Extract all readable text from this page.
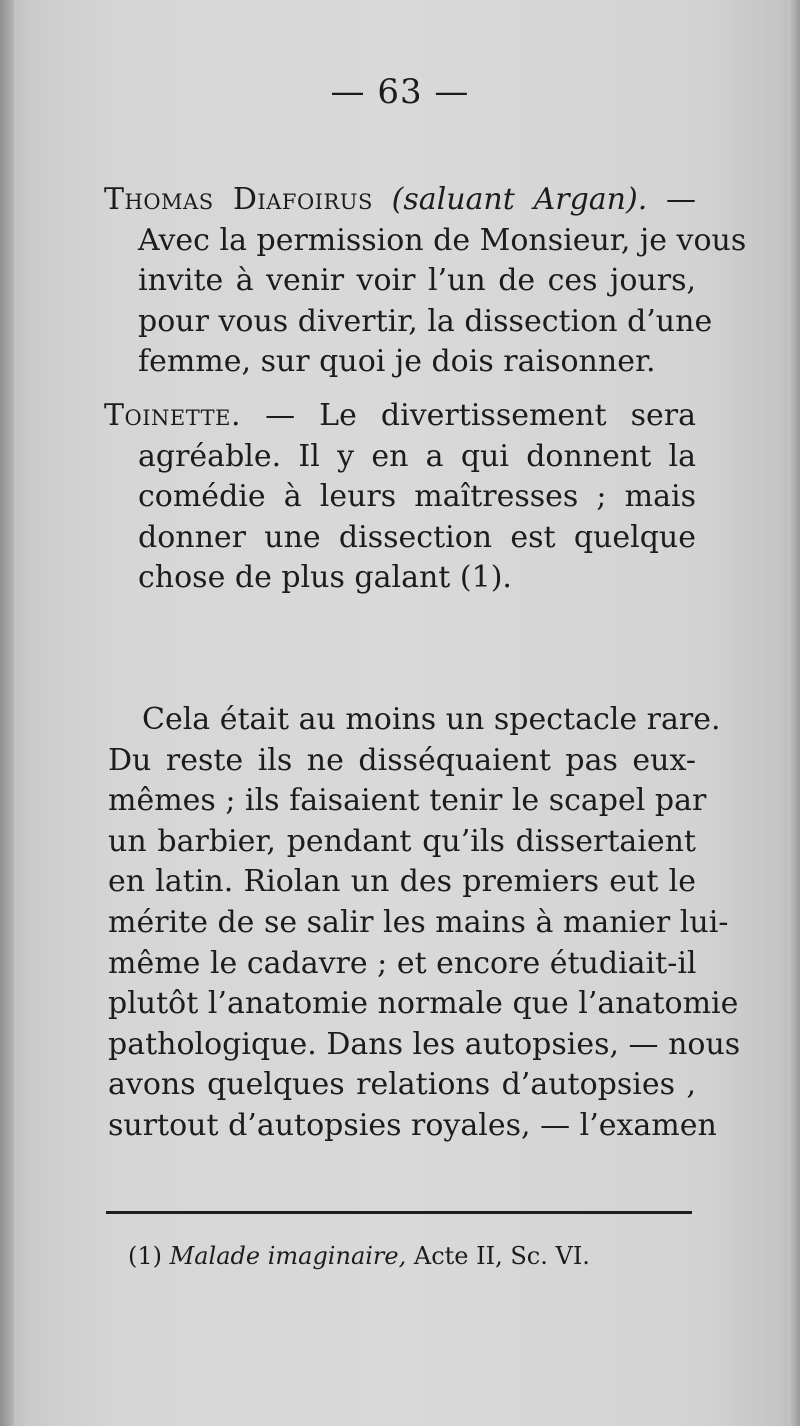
— 63 —
Thomas Diafoirus (saluant Argan). —
Avec la permission de Monsieur, je vous
invite à venir voir l’un de ces jours,
pour vous divertir, la dissection d’une
femme, sur quoi je dois raisonner.
Toinette. — Le divertissement sera
agréable. Il y en a qui donnent la
comédie à leurs maîtresses ; mais
donner une dissection est quelque
chose de plus galant (1).
Cela était au moins un spectacle rare.
Du reste ils ne disséquaient pas eux-
mêmes ; ils faisaient tenir le scapel par
un barbier, pendant qu’ils dissertaient
en latin. Riolan un des premiers eut le
mérite de se salir les mains à manier lui-
même le cadavre ; et encore étudiait-il
plutôt l’anatomie normale que l’anatomie
pathologique. Dans les autopsies, — nous
avons quelques relations d’autopsies ,
surtout d’autopsies royales, — l’examen
(1) Malade imaginaire, Acte II, Sc. VI.
